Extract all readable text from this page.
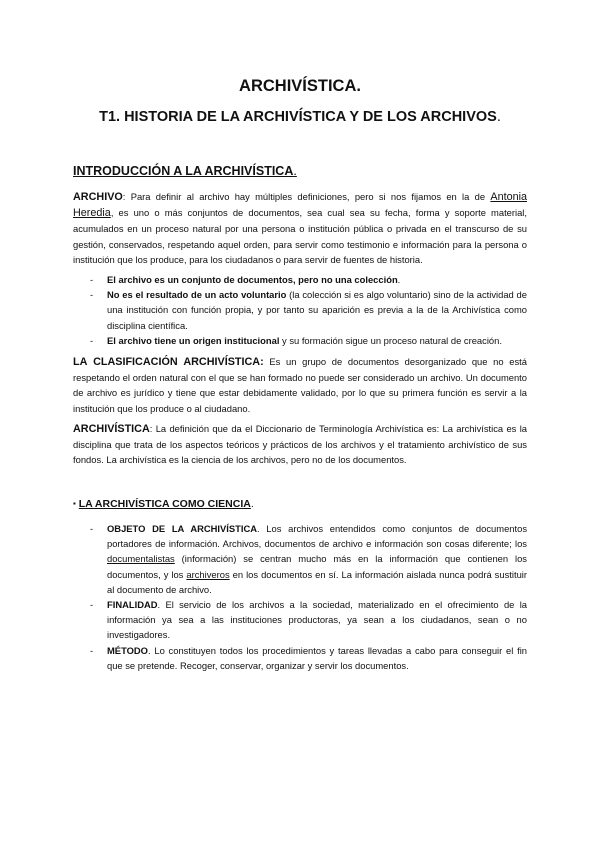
ARCHIVÍSTICA.
T1. HISTORIA DE LA ARCHIVÍSTICA Y DE LOS ARCHIVOS.
INTRODUCCIÓN A LA ARCHIVÍSTICA.

ARCHIVO: Para definir al archivo hay múltiples definiciones, pero si nos fijamos en la de Antonia Heredia, es uno o más conjuntos de documentos, sea cual sea su fecha, forma y soporte material, acumulados en un proceso natural por una persona o institución pública o privada en el transcurso de su gestión, conservados, respetando aquel orden, para servir como testimonio e información para la persona o institución que los produce, para los ciudadanos o para servir de fuentes de historia.

- El archivo es un conjunto de documentos, pero no una colección.
- No es el resultado de un acto voluntario (la colección si es algo voluntario) sino de la actividad de una institución con función propia, y por tanto su aparición es previa a la de la Archivística como disciplina científica.
- El archivo tiene un origen institucional y su formación sigue un proceso natural de creación.

LA CLASIFICACIÓN ARCHIVÍSTICA: Es un grupo de documentos desorganizado que no está respetando el orden natural con el que se han formado no puede ser considerado un archivo. Un documento de archivo es jurídico y tiene que estar debidamente validado, por lo que su primera función es servir a la institución que los produce o al ciudadano.

ARCHIVÍSTICA: La definición que da el Diccionario de Terminología Archivística es: La archivística es la disciplina que trata de los aspectos teóricos y prácticos de los archivos y el tratamiento archivístico de sus fondos. La archivística es la ciencia de los archivos, pero no de los documentos.

▪ LA ARCHIVÍSTICA COMO CIENCIA.
- OBJETO DE LA ARCHIVÍSTICA. Los archivos entendidos como conjuntos de documentos portadores de información. Archivos, documentos de archivo e información son cosas diferente; los documentalistas (información) se centran mucho más en la información que contienen los documentos, y los archiveros en los documentos en sí. La información aislada nunca podrá sustituir al documento de archivo.
- FINALIDAD. El servicio de los archivos a la sociedad, materializado en el ofrecimiento de la información ya sea a las instituciones productoras, ya sean a los ciudadanos, sean o no investigadores.
- MÉTODO. Lo constituyen todos los procedimientos y tareas llevadas a cabo para conseguir el fin que se pretende. Recoger, conservar, organizar y servir los documentos.
